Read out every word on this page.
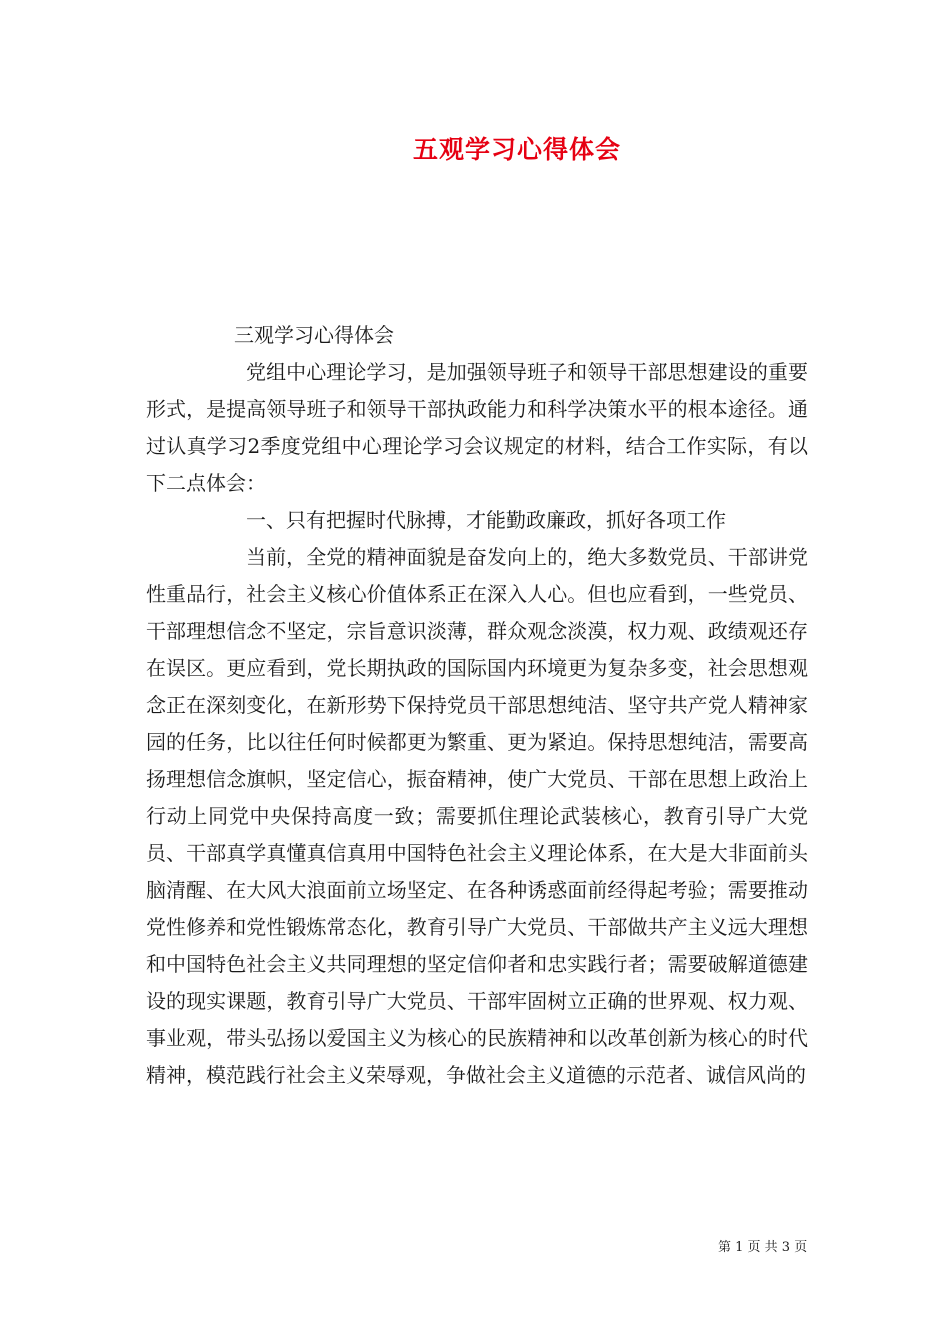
五观学习心得体会

三观学习心得体会

党组中心理论学习，是加强领导班子和领导干部思想建设的重要形式，是提高领导班子和领导干部执政能力和科学决策水平的根本途径。通过认真学习2季度党组中心理论学习会议规定的材料，结合工作实际，有以下二点体会：

一、只有把握时代脉搏，才能勤政廉政，抓好各项工作

当前，全党的精神面貌是奋发向上的，绝大多数党员、干部讲党性重品行，社会主义核心价值体系正在深入人心。但也应看到，一些党员、干部理想信念不坚定，宗旨意识淡薄，群众观念淡漠，权力观、政绩观还存在误区。更应看到，党长期执政的国际国内环境更为复杂多变，社会思想观念正在深刻变化，在新形势下保持党员干部思想纯洁、坚守共产党人精神家园的任务，比以往任何时候都更为繁重、更为紧迫。保持思想纯洁，需要高扬理想信念旗帜，坚定信心，振奋精神，使广大党员、干部在思想上政治上行动上同党中央保持高度一致；需要抓住理论武装核心，教育引导广大党员、干部真学真懂真信真用中国特色社会主义理论体系，在大是大非面前头脑清醒、在大风大浪面前立场坚定、在各种诱惑面前经得起考验；需要推动党性修养和党性锻炼常态化，教育引导广大党员、干部做共产主义远大理想和中国特色社会主义共同理想的坚定信仰者和忠实践行者；需要破解道德建设的现实课题，教育引导广大党员、干部牢固树立正确的世界观、权力观、事业观，带头弘扬以爱国主义为核心的民族精神和以改革创新为核心的时代精神，模范践行社会主义荣辱观，争做社会主义道德的示范者、诚信风尚的

第 1 页 共 3 页
